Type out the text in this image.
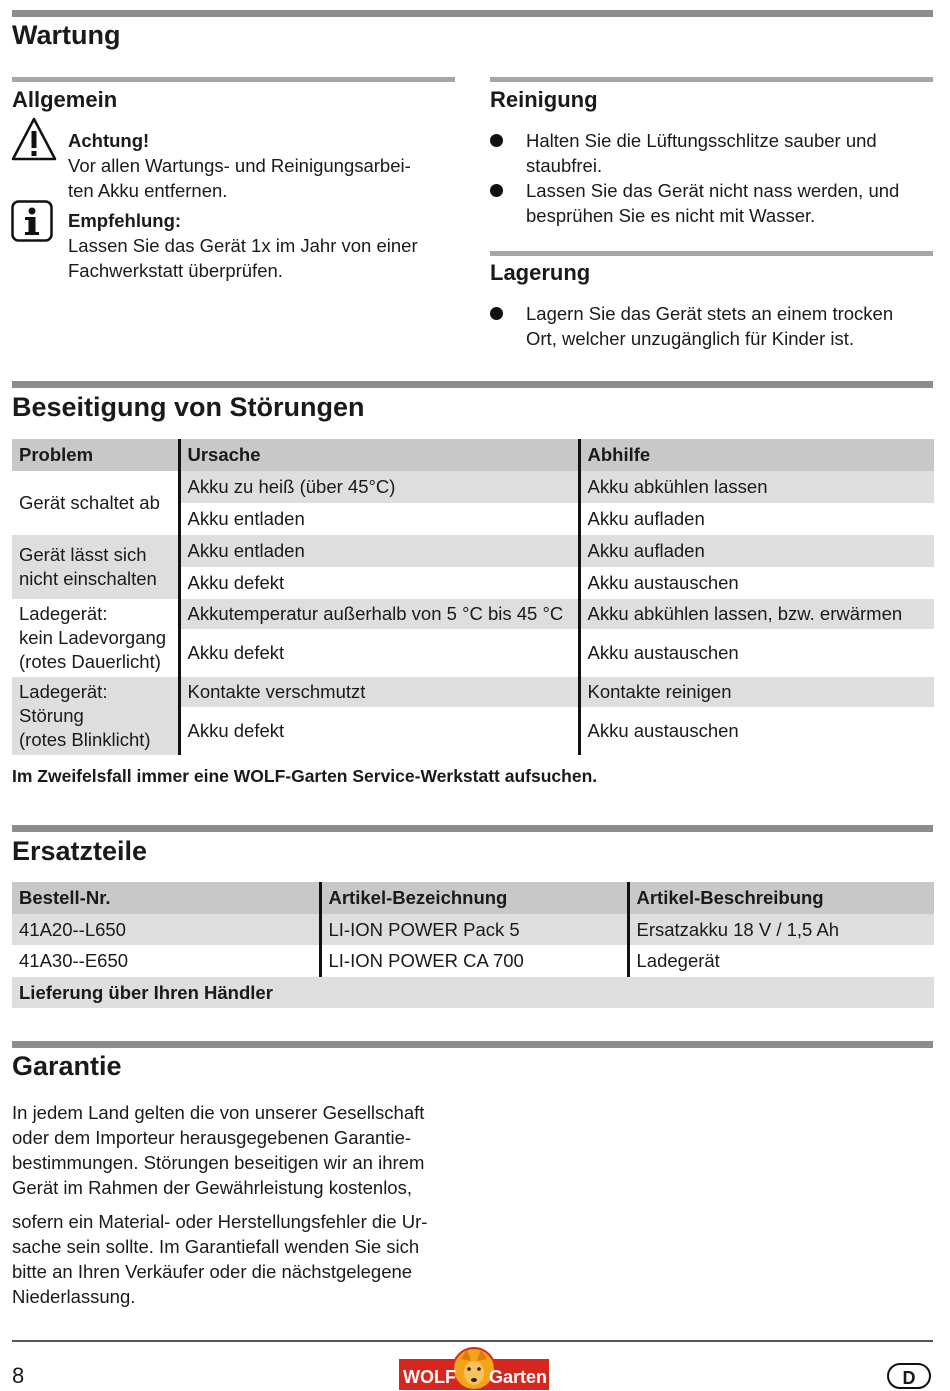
Wartung
Allgemein
Achtung!
Vor allen Wartungs- und Reinigungsarbei-
ten Akku entfernen.
Empfehlung:
Lassen Sie das Gerät 1x im Jahr von einer
Fachwerkstatt überprüfen.
Reinigung
Halten Sie die Lüftungsschlitze sauber und
staubfrei.
Lassen Sie das Gerät nicht nass werden, und
besprühen Sie es nicht mit Wasser.
Lagerung
Lagern Sie das Gerät stets an einem trocken
Ort, welcher unzugänglich für Kinder ist.
Beseitigung von Störungen
Problem	Ursache	Abhilfe

Gerät schaltet ab	Akku zu heiß (über 45°C)	Akku abkühlen lassen
	Akku entladen	Akku aufladen

Gerät lässt sich
nicht einschalten	Akku entladen	Akku aufladen
	Akku defekt	Akku austauschen

Ladegerät:
kein Ladevorgang
(rotes Dauerlicht)	Akkutemperatur außerhalb von 5 °C bis 45 °C	Akku abkühlen lassen, bzw. erwärmen
	Akku defekt	Akku austauschen

Ladegerät:
Störung
(rotes Blinklicht)	Kontakte verschmutzt	Kontakte reinigen
	Akku defekt	Akku austauschen
Im Zweifelsfall immer eine WOLF-Garten Service-Werkstatt aufsuchen.
Ersatzteile
Bestell-Nr.	Artikel-Bezeichnung	Artikel-Beschreibung
41A20--L650	LI-ION POWER Pack 5	Ersatzakku 18 V / 1,5 Ah
41A30--E650	LI-ION POWER CA 700	Ladegerät
Lieferung über Ihren Händler		
Garantie
In jedem Land gelten die von unserer Gesellschaft
oder dem Importeur herausgegebenen Garantie-
bestimmungen. Störungen beseitigen wir an ihrem
Gerät im Rahmen der Gewährleistung kostenlos,
sofern ein Material- oder Herstellungsfehler die Ur-
sache sein sollte. Im Garantiefall wenden Sie sich
bitte an Ihren Verkäufer oder die nächstgelegene
Niederlassung.
8	WOLF Garten	D
